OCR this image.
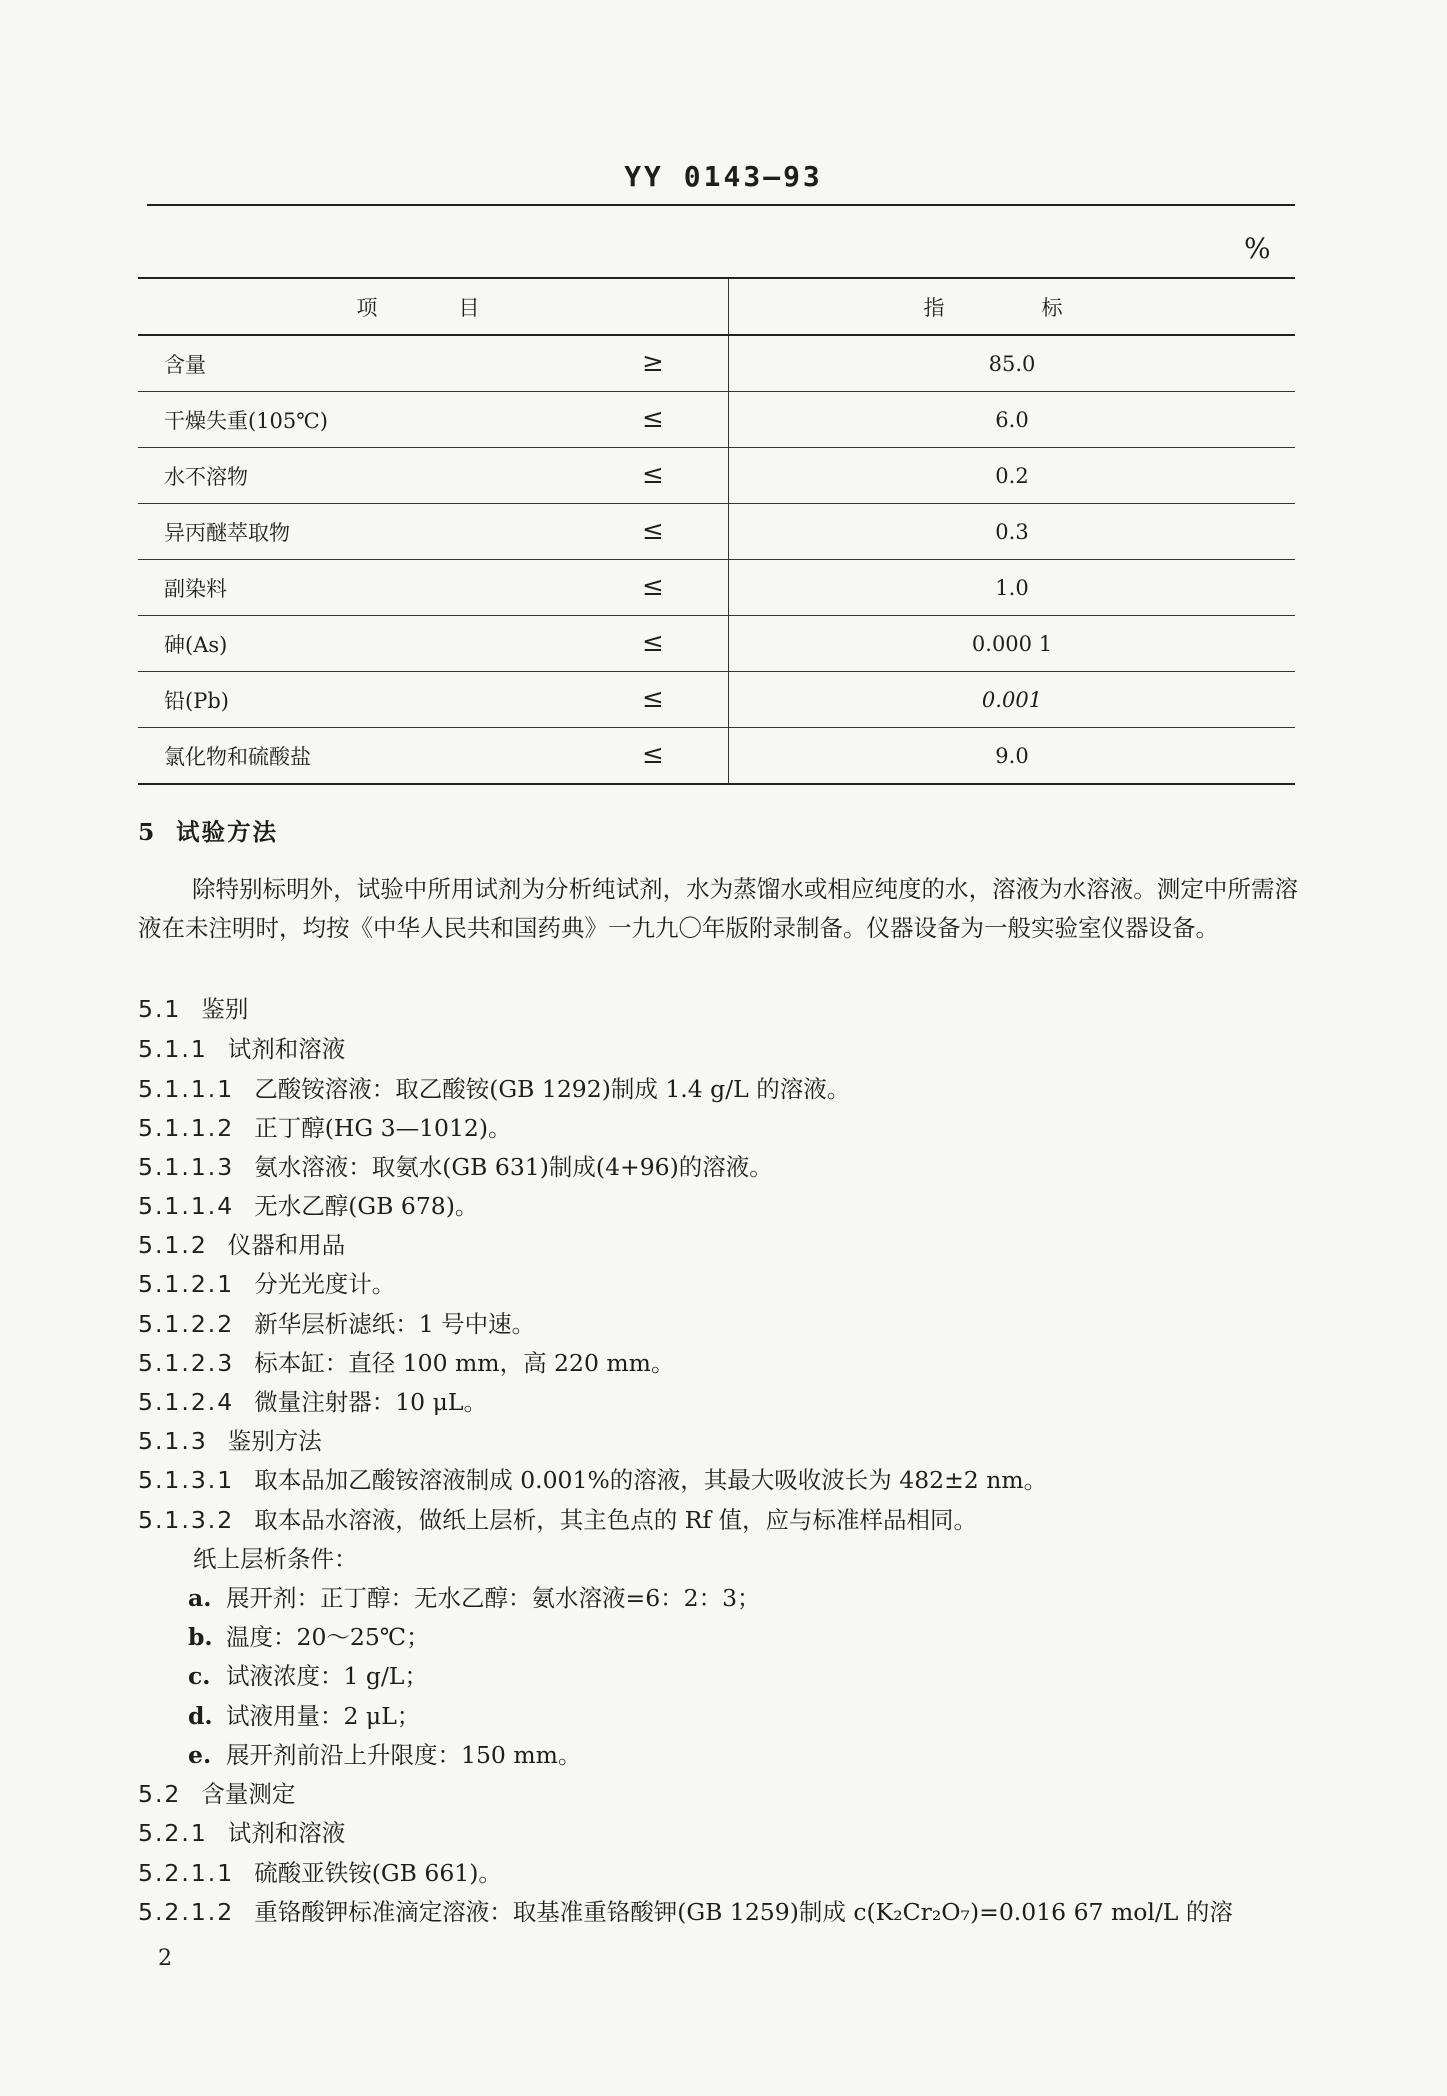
YY 0143—93
%
项　目	指　标
含量 ≥	85.0
干燥失重(105℃) ≤	6.0
水不溶物 ≤	0.2
异丙醚萃取物 ≤	0.3
副染料 ≤	1.0
砷(As) ≤	0.000 1
铅(Pb) ≤	0.001
氯化物和硫酸盐 ≤	9.0
5 试验方法
除特别标明外，试验中所用试剂为分析纯试剂，水为蒸馏水或相应纯度的水，溶液为水溶液。测定中所需溶液在未注明时，均按《中华人民共和国药典》一九九〇年版附录制备。仪器设备为一般实验室仪器设备。
5.1 鉴别
5.1.1 试剂和溶液
5.1.1.1 乙酸铵溶液：取乙酸铵(GB 1292)制成 1.4 g/L 的溶液。
5.1.1.2 正丁醇(HG 3—1012)。
5.1.1.3 氨水溶液：取氨水(GB 631)制成(4+96)的溶液。
5.1.1.4 无水乙醇(GB 678)。
5.1.2 仪器和用品
5.1.2.1 分光光度计。
5.1.2.2 新华层析滤纸：1 号中速。
5.1.2.3 标本缸：直径 100 mm，高 220 mm。
5.1.2.4 微量注射器：10 μL。
5.1.3 鉴别方法
5.1.3.1 取本品加乙酸铵溶液制成 0.001%的溶液，其最大吸收波长为 482±2 nm。
5.1.3.2 取本品水溶液，做纸上层析，其主色点的 Rf 值，应与标准样品相同。
纸上层析条件：
a. 展开剂：正丁醇：无水乙醇：氨水溶液=6：2：3；
b. 温度：20～25℃；
c. 试液浓度：1 g/L；
d. 试液用量：2 μL；
e. 展开剂前沿上升限度：150 mm。
5.2 含量测定
5.2.1 试剂和溶液
5.2.1.1 硫酸亚铁铵(GB 661)。
5.2.1.2 重铬酸钾标准滴定溶液：取基准重铬酸钾(GB 1259)制成 c(K₂Cr₂O₇)=0.016 67 mol/L 的溶
2
